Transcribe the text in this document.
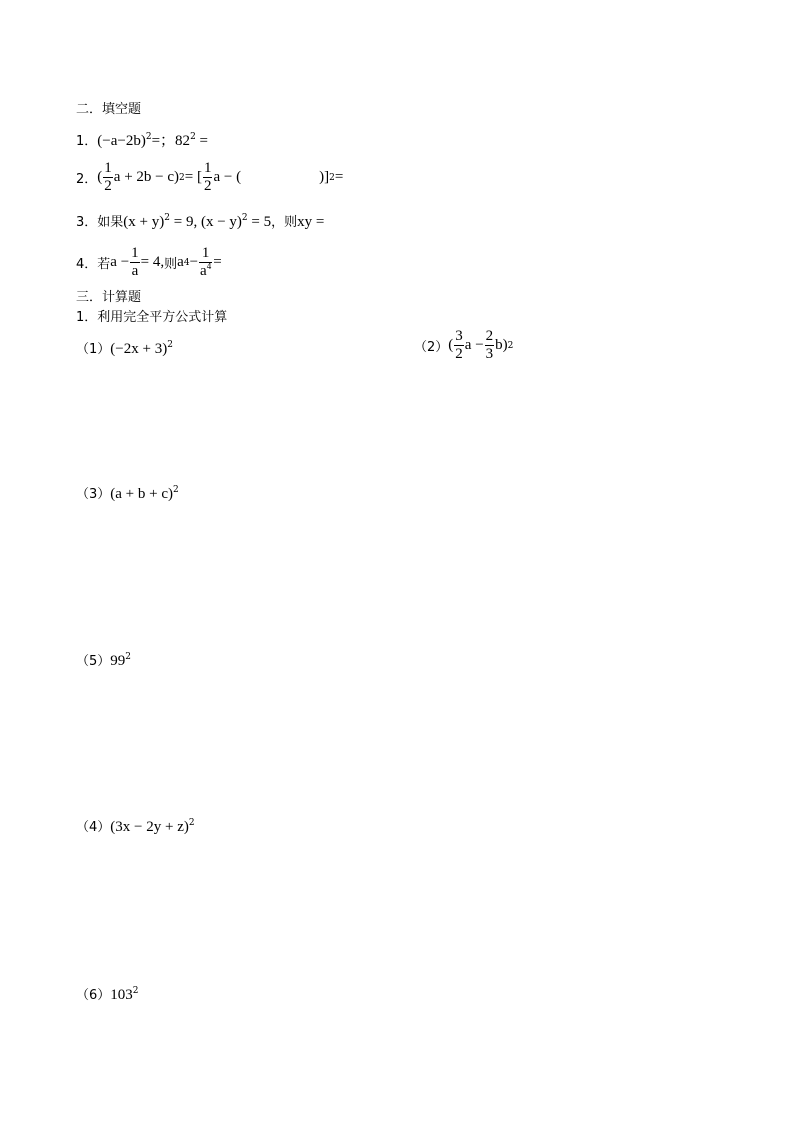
二．填空题
1．$(-a-2b)^2=$；$82^2$ =
2． ( $\frac{1}{2}$ a + 2b − c) 2 = [ $\frac{1}{2}$ a − (	)] 2 =
3．如果$(x + y)^2 = 9$, $(x - y)^2 = 5$，则xy =
4． 若 $a - \frac{1}{a} = 4$, 则 a $4 - \frac{1}{a^4}$ =
三．计算题
1．利用完全平方公式计算
$(1)(-2x + 3)^2$	（2） ( $\frac{3}{2}$ $a - \frac{2}{3} b$) 2
$(3)(a + b + c)^2$
$(5)99^2$
$(4)(3x - 2y + z)^2$
$(6)103^2$
